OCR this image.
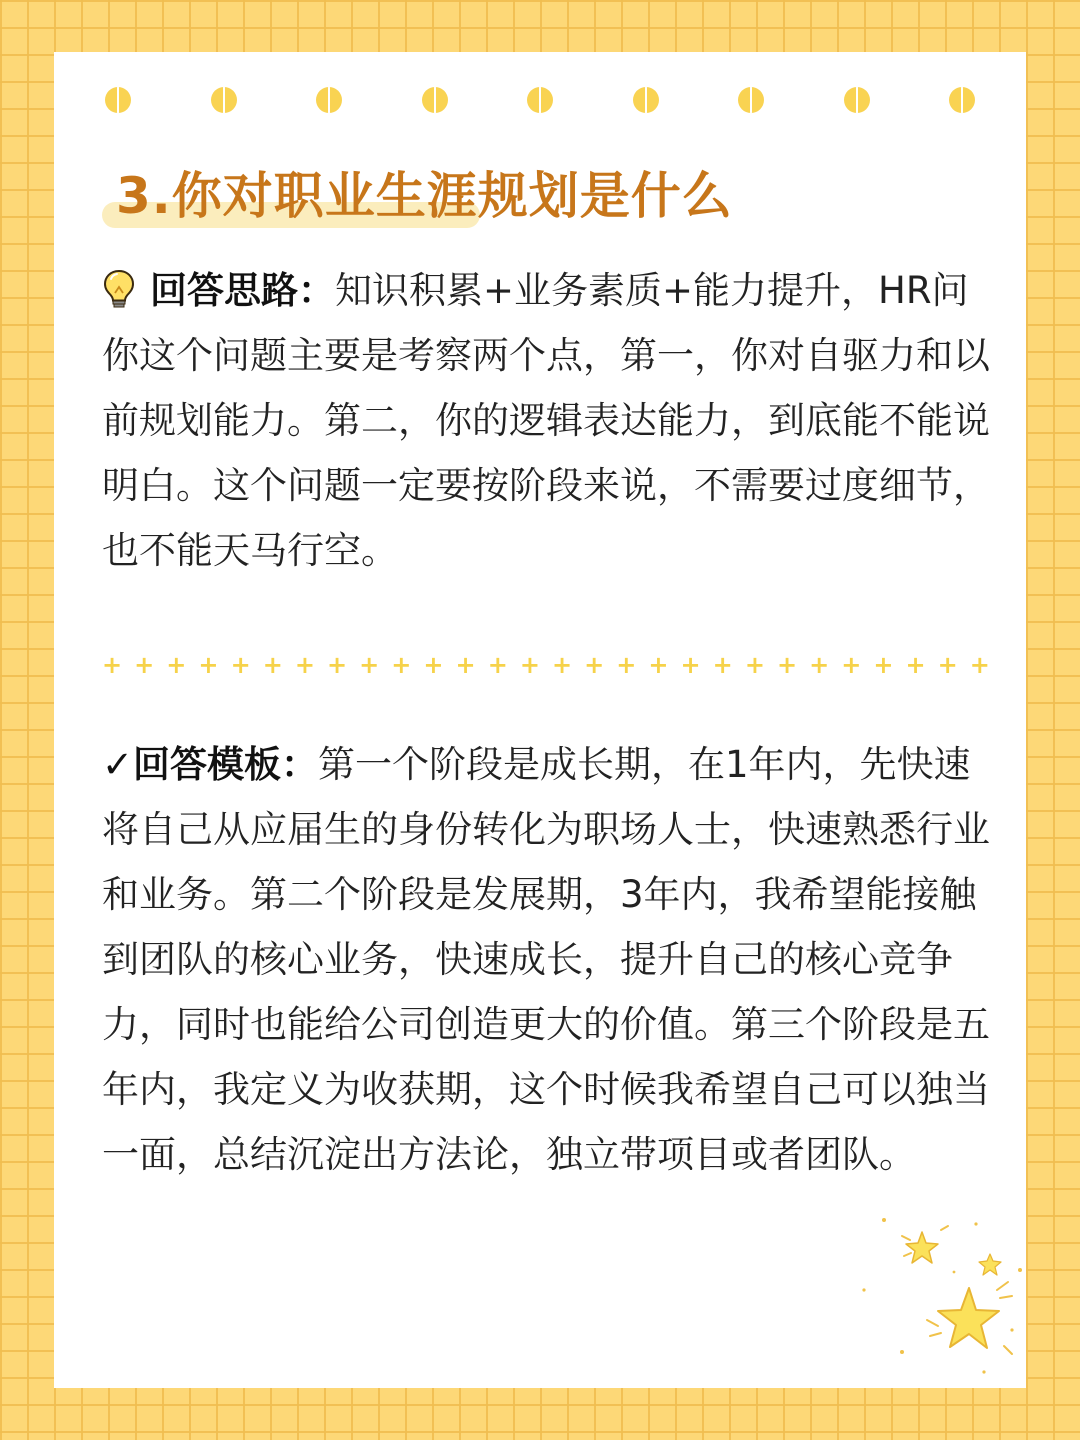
3.你对职业生涯规划是什么

回答思路：知识积累+业务素质+能力提升，HR问你这个问题主要是考察两个点，第一，你对自驱力和以前规划能力。第二，你的逻辑表达能力，到底能不能说明白。这个问题一定要按阶段来说，不需要过度细节，也不能天马行空。

+ + + + + + + + + + + + + + + + + + + + + + + + + + + +

✓回答模板：第一个阶段是成长期，在1年内，先快速将自己从应届生的身份转化为职场人士，快速熟悉行业和业务。第二个阶段是发展期，3年内，我希望能接触到团队的核心业务，快速成长，提升自己的核心竞争力，同时也能给公司创造更大的价值。第三个阶段是五年内，我定义为收获期，这个时候我希望自己可以独当一面，总结沉淀出方法论，独立带项目或者团队。
